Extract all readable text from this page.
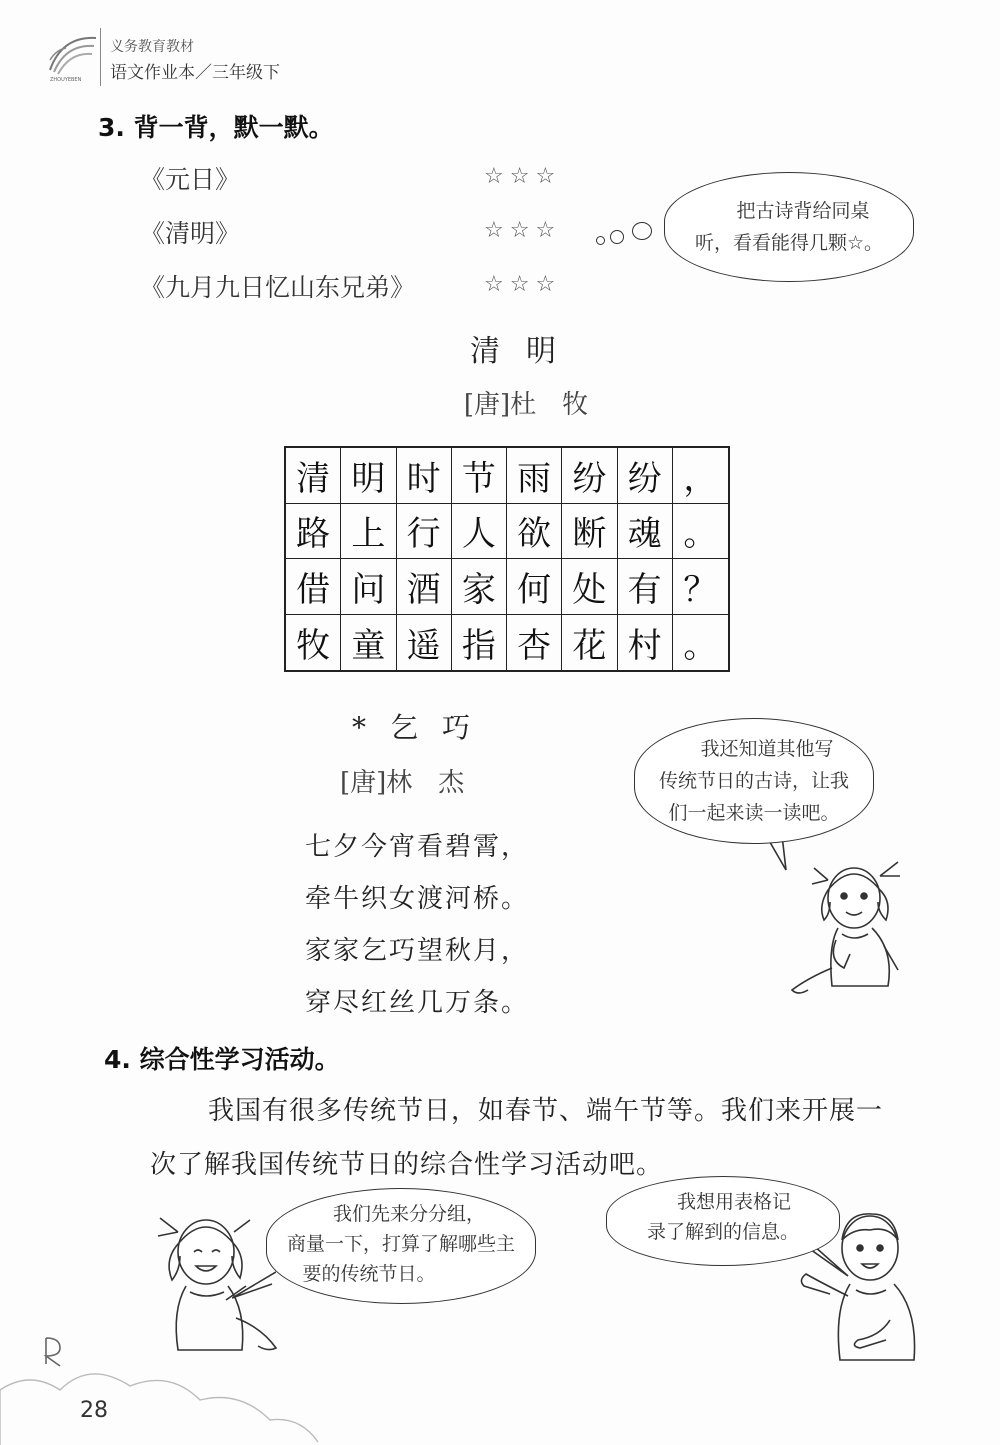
ZHOUYEBEN
义务教育教材
语文作业本／三年级下
3. 背一背，默一默。
《元日》	☆☆☆
《清明》	☆☆☆
《九月九日忆山东兄弟》	☆☆☆
把古诗背给同桌
听，看看能得几颗☆。
清明
[唐]杜　牧
清 明 时 节 雨 纷 纷 ，
路 上 行 人 欲 断 魂 。
借 问 酒 家 何 处 有 ？
牧 童 遥 指 杏 花 村 。
*乞巧
[唐]林　杰
七夕今宵看碧霄，
牵牛织女渡河桥。
家家乞巧望秋月，
穿尽红丝几万条。
我还知道其他写
传统节日的古诗，让我
们一起来读一读吧。
4. 综合性学习活动。
我国有很多传统节日，如春节、端午节等。我们来开展一
次了解我国传统节日的综合性学习活动吧。
我们先来分分组，
商量一下，打算了解哪些主
要的传统节日。
我想用表格记
录了解到的信息。
28
